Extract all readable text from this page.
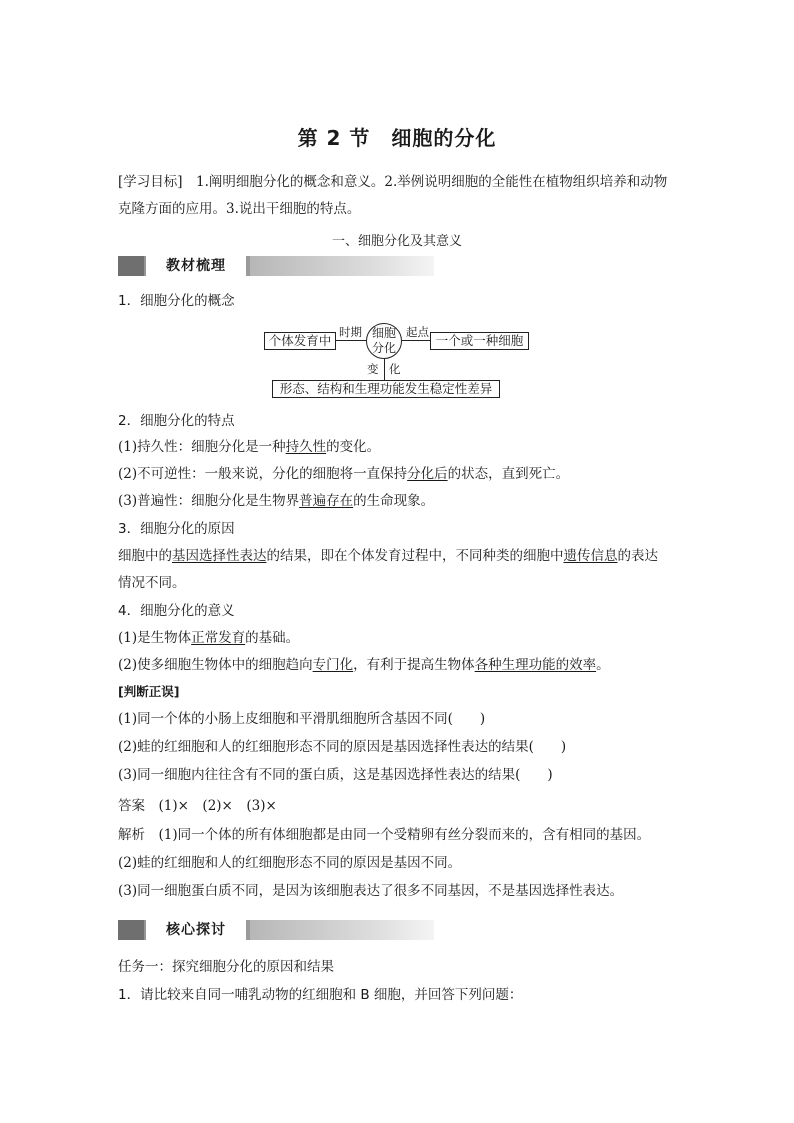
第 2 节　细胞的分化
[学习目标]　1.阐明细胞分化的概念和意义。2.举例说明细胞的全能性在植物组织培养和动物
克隆方面的应用。3.说出干细胞的特点。
一、细胞分化及其意义
教材梳理
1．细胞分化的概念
个体发育中
时期 细胞
分化
起点
一个或一种细胞
变 化
形态、结构和生理功能发生稳定性差异
2．细胞分化的特点
(1)持久性：细胞分化是一种持久性的变化。
(2)不可逆性：一般来说，分化的细胞将一直保持分化后的状态，直到死亡。
(3)普遍性：细胞分化是生物界普遍存在的生命现象。
3．细胞分化的原因
细胞中的基因选择性表达的结果，即在个体发育过程中，不同种类的细胞中遗传信息的表达
情况不同。
4．细胞分化的意义
(1)是生物体正常发育的基础。
(2)使多细胞生物体中的细胞趋向专门化，有利于提高生物体各种生理功能的效率。
[判断正误]
(1)同一个体的小肠上皮细胞和平滑肌细胞所含基因不同(　　)
(2)蛙的红细胞和人的红细胞形态不同的原因是基因选择性表达的结果(　　)
(3)同一细胞内往往含有不同的蛋白质，这是基因选择性表达的结果(　　)
答案　(1)×　(2)×　(3)×
解析　(1)同一个体的所有体细胞都是由同一个受精卵有丝分裂而来的，含有相同的基因。
(2)蛙的红细胞和人的红细胞形态不同的原因是基因不同。
(3)同一细胞蛋白质不同，是因为该细胞表达了很多不同基因，不是基因选择性表达。
核心探讨
任务一：探究细胞分化的原因和结果
1．请比较来自同一哺乳动物的红细胞和 B 细胞，并回答下列问题：
